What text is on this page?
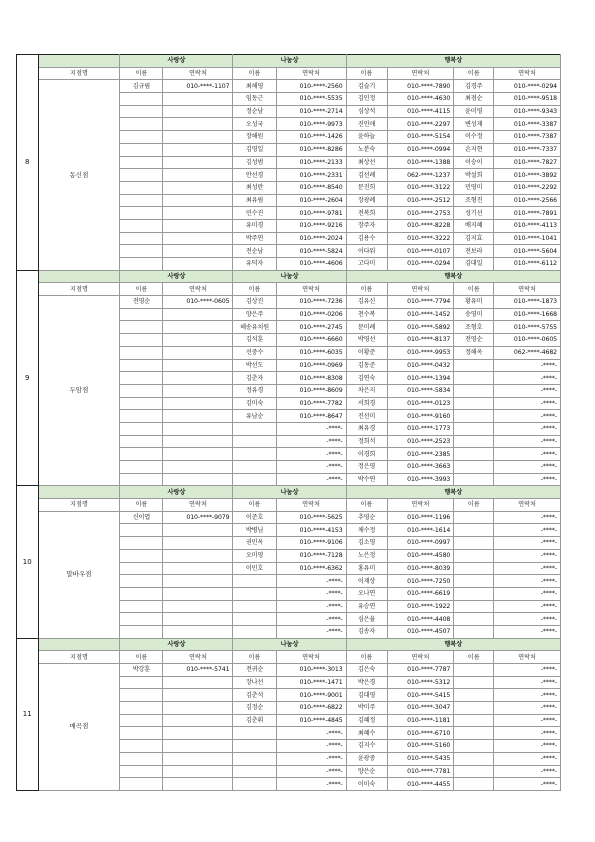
8		사랑상		나눔상		행복상			
	지점명	이름	연락처	이름	연락처	이름	연락처	이름	연락처
	동신점	김규림	010-****-1107	최해영	010-****-2560	김슬기	010-****-7890	김경주	010-****-0294
				임동근	010-****-5535	김민정	010-****-4630	최점순	010-****-9518
				정순남	010-****-2714	심상석	010-****-4115	윤미영	010-****-9343
				오성국	010-****-9973	진인애	010-****-2297	변성재	010-****-3387
				장해원	010-****-1426	윤하늘	010-****-5154	이수정	010-****-7387
				김영일	010-****-8286	노분숙	010-****-0994	손지현	010-****-7337
				김성범	010-****-2133	최상선	010-****-1388	이숭이	010-****-7827
				안선경	010-****-2331	김선례	062-****-1237	박설희	010-****-3892
				최성란	010-****-8540	문진희	010-****-3122	민영미	010-****-2292
				최유림	010-****-2604	장광례	010-****-2512	조형진	010-****-2566
				민수진	010-****-9781	전복희	010-****-2753	성기선	010-****-7891
				유미경	010-****-9216	장주자	010-****-8228	배지혜	010-****-4113
				박주연	010-****-2024	김용수	010-****-3222	김지효	010-****-1041
				전순남	010-****-5824	이다워	010-****-0107	전보라	010-****-5604
				유덕자	010-****-4606	고다미	010-****-0294	김대일	010-****-6112
9		사랑상		나눔상		행복상			
	지점명	이름	연락처	이름	연락처	이름	연락처	이름	연락처
	두암점	전영순	010-****-0605	김상진	010-****-7236	김유신	010-****-7794	황유미	010-****-1873
				양은주	010-****-0206	천수복	010-****-1452	송영미	010-****-1668
				해송유치원	010-****-2745	문미례	010-****-5892	조형호	010-****-5755
				김석훈	010-****-6660	박영선	010-****-8137	전영순	010-****-0605
				선중수	010-****-6035	이황준	010-****-9953	정해옥	062-****-4682
				박선도	010-****-0969	김동준	010-****-0432		-****-
				김춘자	010-****-8308	김연숙	010-****-1394		-****-
				정유경	010-****-8609	차은지	010-****-5834		-****-
				김미숙	010-****-7782	서희경	010-****-0123		-****-
				유남순	010-****-8647	진선미	010-****-9160		-****-
					-****-	최유경	010-****-1773		-****-
					-****-	정희석	010-****-2523		-****-
					-****-	이경희	010-****-2385		-****-
					-****-	정은영	010-****-3663		-****-
					-****-	박수연	010-****-3993		-****-
10		사랑상		나눔상		행복상			
	지점명	이름	연락처	이름	연락처	이름	연락처	이름	연락처
	말바우점	신이엽	010-****-9079	이준호	010-****-5625	추영순	010-****-1196		-****-
				박병님	010-****-4153	채수정	010-****-1614		-****-
				권민옥	010-****-9106	김소영	010-****-0997		-****-
				오미영	010-****-7128	노은정	010-****-4580		-****-
				이민호	010-****-6362	홍유미	010-****-8039		-****-
					-****-	이재상	010-****-7250		-****-
					-****-	오나연	010-****-6619		-****-
					-****-	유승연	010-****-1922		-****-
					-****-	심은율	010-****-4408		-****-
					-****-	김송자	010-****-4507		-****-
11		사랑상		나눔상		행복상			
	지점명	이름	연락처	이름	연락처	이름	연락처	이름	연락처
	매곡점	박강훈	010-****-5741	전귀순	010-****-3013	김은숙	010-****-7787		-****-
				장나선	010-****-1471	박은경	010-****-5312		-****-
				김춘석	010-****-9001	김대영	010-****-5415		-****-
				김정순	010-****-6822	박미주	010-****-3047		-****-
				김춘휘	010-****-4845	김혜정	010-****-1181		-****-
					-****-	최혜수	010-****-6710		-****-
					-****-	김지수	010-****-5160		-****-
					-****-	윤광중	010-****-5435		-****-
					-****-	양은순	010-****-7781		-****-
					-****-	이미숙	010-****-4455		-****-
